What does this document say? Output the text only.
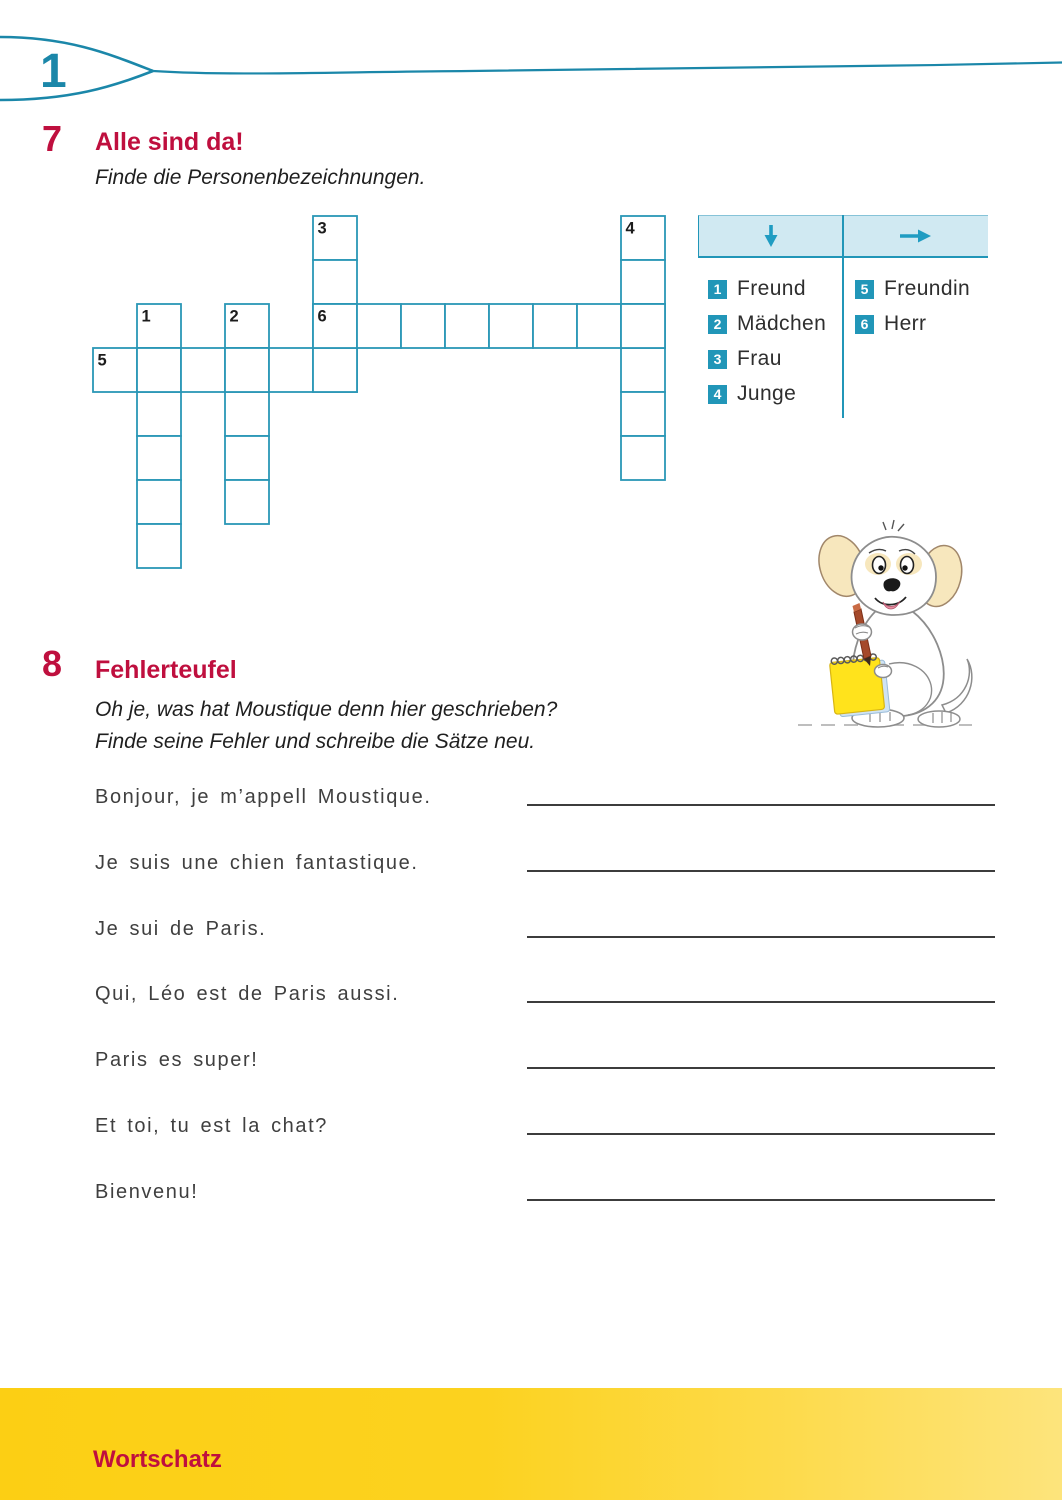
1
7 Alle sind da!
Finde die Personenbezeichnungen.
1	2
3	4
5
6
1 Freund
2 Mädchen
3 Frau
4 Junge
5 Freundin
6 Herr
8 Fehlerteufel
Oh je, was hat Moustique denn hier geschrieben?
Finde seine Fehler und schreibe die Sätze neu.
Bonjour, je m’appell Moustique.
Je suis une chien fantastique.
Je sui de Paris.
Qui, Léo est de Paris aussi.
Paris es super!
Et toi, tu est la chat?
Bienvenu!
Wortschatz
